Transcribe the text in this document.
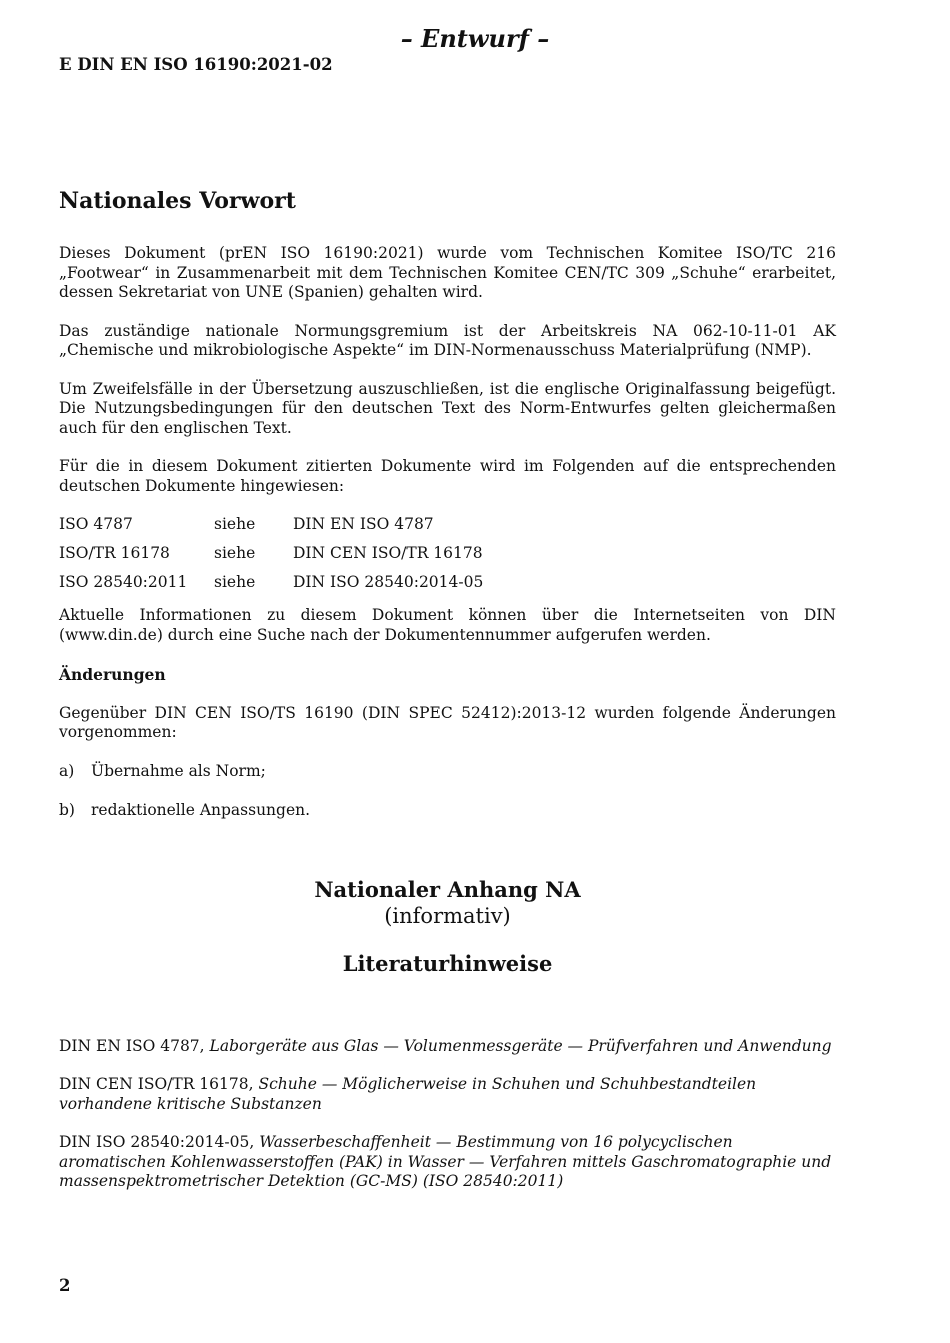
– Entwurf –
E DIN EN ISO 16190:2021-02
Nationales Vorwort

Dieses Dokument (prEN ISO 16190:2021) wurde vom Technischen Komitee ISO/TC 216 „Footwear“ in Zusammenarbeit mit dem Technischen Komitee CEN/TC 309 „Schuhe“ erarbeitet, dessen Sekretariat von UNE (Spanien) gehalten wird.

Das zuständige nationale Normungsgremium ist der Arbeitskreis NA 062-10-11-01 AK „Chemische und mikrobiologische Aspekte“ im DIN-Normenausschuss Materialprüfung (NMP).

Um Zweifelsfälle in der Übersetzung auszuschließen, ist die englische Originalfassung beigefügt. Die Nutzungsbedingungen für den deutschen Text des Norm-Entwurfes gelten gleichermaßen auch für den englischen Text.

Für die in diesem Dokument zitierten Dokumente wird im Folgenden auf die entsprechenden deutschen Dokumente hingewiesen:

ISO 4787	siehe	DIN EN ISO 4787
ISO/TR 16178	siehe	DIN CEN ISO/TR 16178
ISO 28540:2011	siehe	DIN ISO 28540:2014-05

Aktuelle Informationen zu diesem Dokument können über die Internetseiten von DIN (www.din.de) durch eine Suche nach der Dokumentennummer aufgerufen werden.

Änderungen

Gegenüber DIN CEN ISO/TS 16190 (DIN SPEC 52412):2013-12 wurden folgende Änderungen vorgenommen:

a)	Übernahme als Norm;
b)	redaktionelle Anpassungen.
Nationaler Anhang NA
(informativ)
Literaturhinweise
DIN EN ISO 4787, Laborgeräte aus Glas — Volumenmessgeräte — Prüfverfahren und Anwendung
DIN CEN ISO/TR 16178, Schuhe — Möglicherweise in Schuhen und Schuhbestandteilen vorhandene kritische Substanzen
DIN ISO 28540:2014-05, Wasserbeschaffenheit — Bestimmung von 16 polycyclischen aromatischen Kohlenwasserstoffen (PAK) in Wasser — Verfahren mittels Gaschromatographie und massenspektrometrischer Detektion (GC-MS) (ISO 28540:2011)
2
